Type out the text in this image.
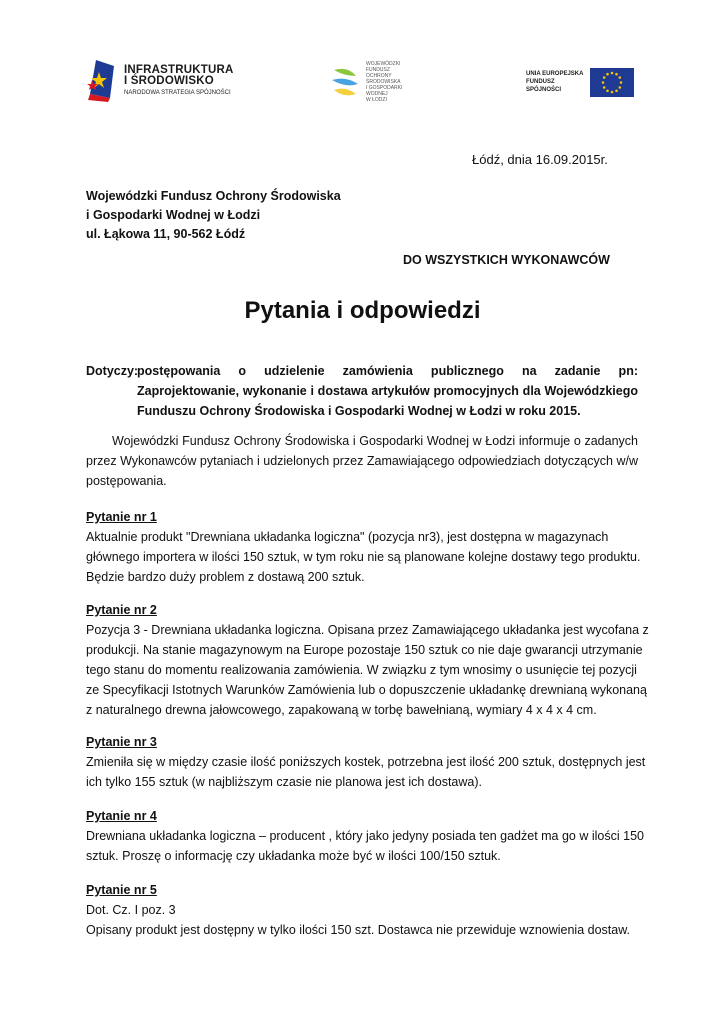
INFRASTRUKTURA
I ŚRODOWISKO
NARODOWA STRATEGIA SPÓJNOŚCI
WOJEWÓDZKI FUNDUSZ
OCHRONY ŚRODOWISKA
I GOSPODARKI WODNEJ
W ŁODZI
UNIA EUROPEJSKA
FUNDUSZ SPÓJNOŚCI
Łódź, dnia 16.09.2015r.
Wojewódzki Fundusz Ochrony Środowiska
i Gospodarki Wodnej w Łodzi
ul. Łąkowa 11, 90-562 Łódź
DO WSZYSTKICH WYKONAWCÓW
Pytania i odpowiedzi
Dotyczy:
postępowania o udzielenie zamówienia publicznego na zadanie pn: Zaprojektowanie, wykonanie i dostawa artykułów promocyjnych dla Wojewódzkiego Funduszu Ochrony Środowiska i Gospodarki Wodnej w Łodzi w roku 2015.
Wojewódzki Fundusz Ochrony Środowiska i Gospodarki Wodnej w Łodzi informuje o zadanych przez Wykonawców pytaniach i udzielonych przez Zamawiającego odpowiedziach dotyczących w/w postępowania.
Pytanie nr 1
Aktualnie produkt "Drewniana układanka logiczna" (pozycja nr3), jest dostępna w magazynach
głównego importera w ilości 150 sztuk, w tym roku nie są planowane kolejne dostawy tego produktu.
Będzie bardzo duży problem z dostawą 200 sztuk.
Pytanie nr 2
Pozycja 3 - Drewniana układanka logiczna. Opisana przez Zamawiającego układanka jest wycofana z
produkcji. Na stanie magazynowym na Europe pozostaje 150 sztuk co nie daje gwarancji utrzymanie
tego stanu do momentu realizowania zamówienia. W związku z tym wnosimy o usunięcie tej pozycji
ze Specyfikacji Istotnych Warunków Zamówienia lub o dopuszczenie układankę drewnianą wykonaną
z naturalnego drewna jałowcowego, zapakowaną w torbę bawełnianą, wymiary 4 x 4 x 4 cm.
Pytanie nr 3
Zmieniła się w między czasie ilość poniższych kostek, potrzebna jest ilość 200 sztuk, dostępnych jest
ich tylko 155 sztuk (w najbliższym czasie nie planowa jest ich dostawa).
Pytanie nr 4
Drewniana układanka logiczna – producent , który jako jedyny posiada ten gadżet ma go w ilości 150
sztuk. Proszę o informację czy układanka może być w ilości 100/150 sztuk.
Pytanie nr 5
Dot. Cz. I poz. 3
Opisany produkt jest dostępny w tylko ilości 150 szt. Dostawca nie przewiduje wznowienia dostaw.
